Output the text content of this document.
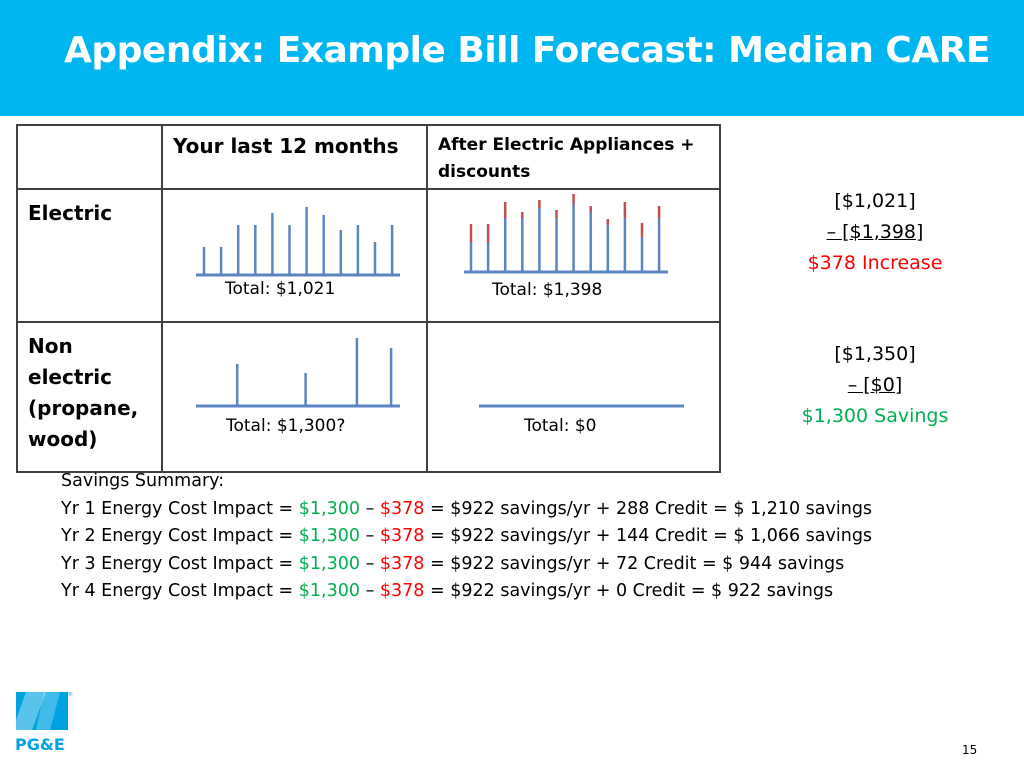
Appendix: Example Bill Forecast: Median CARE
	Your last 12 months	After Electric Appliances + discounts
Electric	Total: $1,021	Total: $1,398

Non electric (propane, wood)	Total: $1,300?	Total: $0
[$1,021]
– [$1,398]
$378 Increase
[$1,350]
– [$0]
$1,300 Savings
Savings Summary:
Yr 1 Energy Cost Impact = $1,300 – $378 = $922 savings/yr + 288 Credit = $ 1,210 savings
Yr 2 Energy Cost Impact = $1,300 – $378 = $922 savings/yr + 144 Credit = $ 1,066 savings
Yr 3 Energy Cost Impact = $1,300 – $378 = $922 savings/yr + 72 Credit = $ 944 savings
Yr 4 Energy Cost Impact = $1,300 – $378 = $922 savings/yr + 0 Credit = $ 922 savings
PG&E
®
15
